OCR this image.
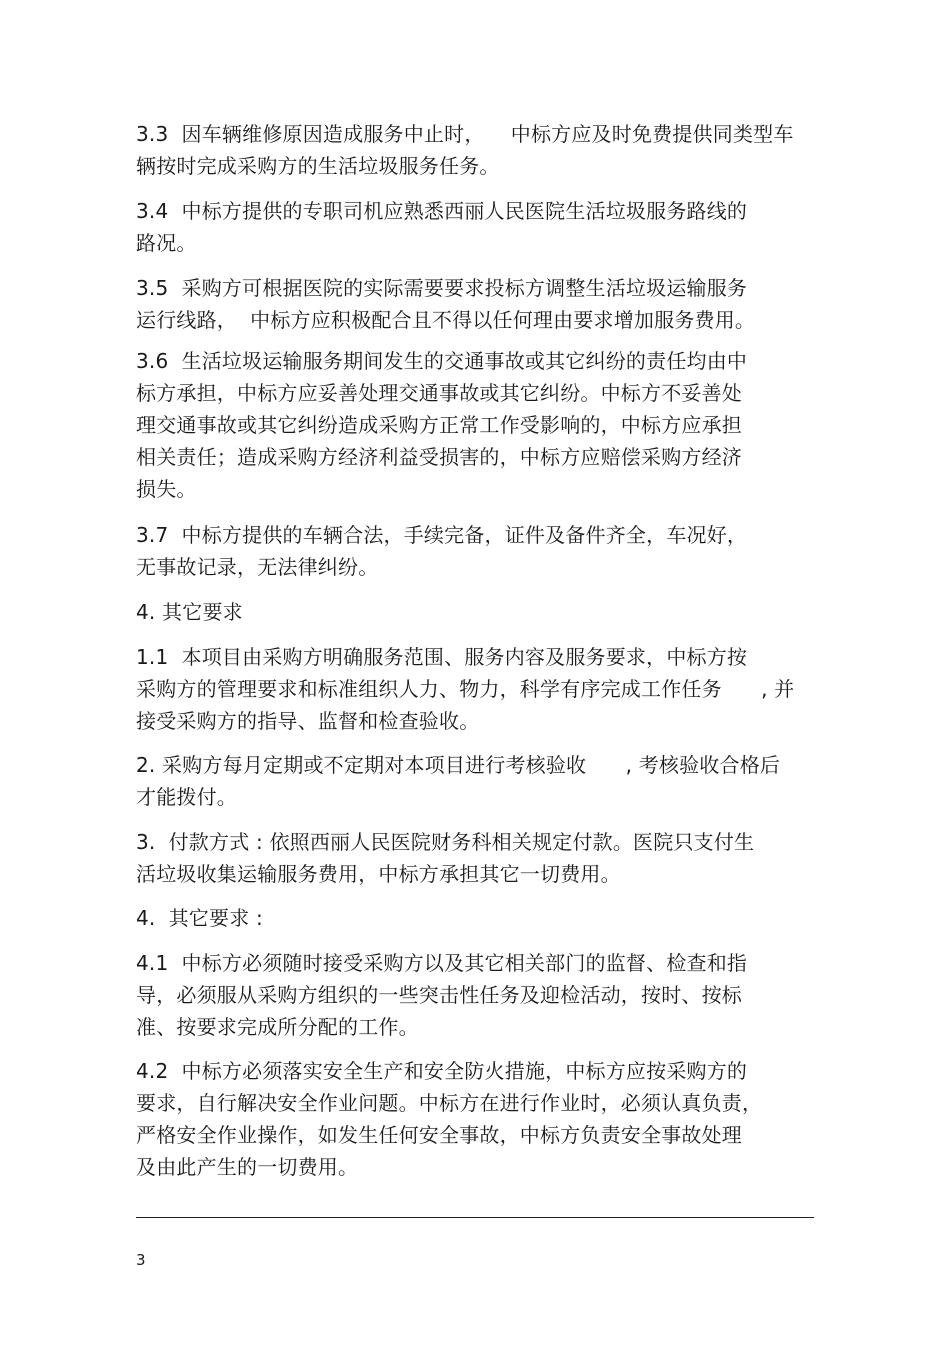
3.3  因车辆维修原因造成服务中止时，    中标方应及时免费提供同类型车
辆按时完成采购方的生活垃圾服务任务。
3.4  中标方提供的专职司机应熟悉西丽人民医院生活垃圾服务路线的
路况。
3.5  采购方可根据医院的实际需要要求投标方调整生活垃圾运输服务
运行线路，  中标方应积极配合且不得以任何理由要求增加服务费用。
3.6  生活垃圾运输服务期间发生的交通事故或其它纠纷的责任均由中
标方承担，中标方应妥善处理交通事故或其它纠纷。中标方不妥善处
理交通事故或其它纠纷造成采购方正常工作受影响的，中标方应承担
相关责任；造成采购方经济利益受损害的，中标方应赔偿采购方经济
损失。
3.7  中标方提供的车辆合法，手续完备，证件及备件齐全，车况好，
无事故记录，无法律纠纷。
4. 其它要求
1.1  本项目由采购方明确服务范围、服务内容及服务要求，中标方按
采购方的管理要求和标准组织人力、物力，科学有序完成工作任务      , 并
接受采购方的指导、监督和检查验收。
2. 采购方每月定期或不定期对本项目进行考核验收      , 考核验收合格后
才能拨付。
3.  付款方式 : 依照西丽人民医院财务科相关规定付款。医院只支付生
活垃圾收集运输服务费用，中标方承担其它一切费用。
4.  其它要求 :
4.1  中标方必须随时接受采购方以及其它相关部门的监督、检查和指
导，必须服从采购方组织的一些突击性任务及迎检活动，按时、按标
准、按要求完成所分配的工作。
4.2  中标方必须落实安全生产和安全防火措施，中标方应按采购方的
要求，自行解决安全作业问题。中标方在进行作业时，必须认真负责，
严格安全作业操作，如发生任何安全事故，中标方负责安全事故处理
及由此产生的一切费用。
3
